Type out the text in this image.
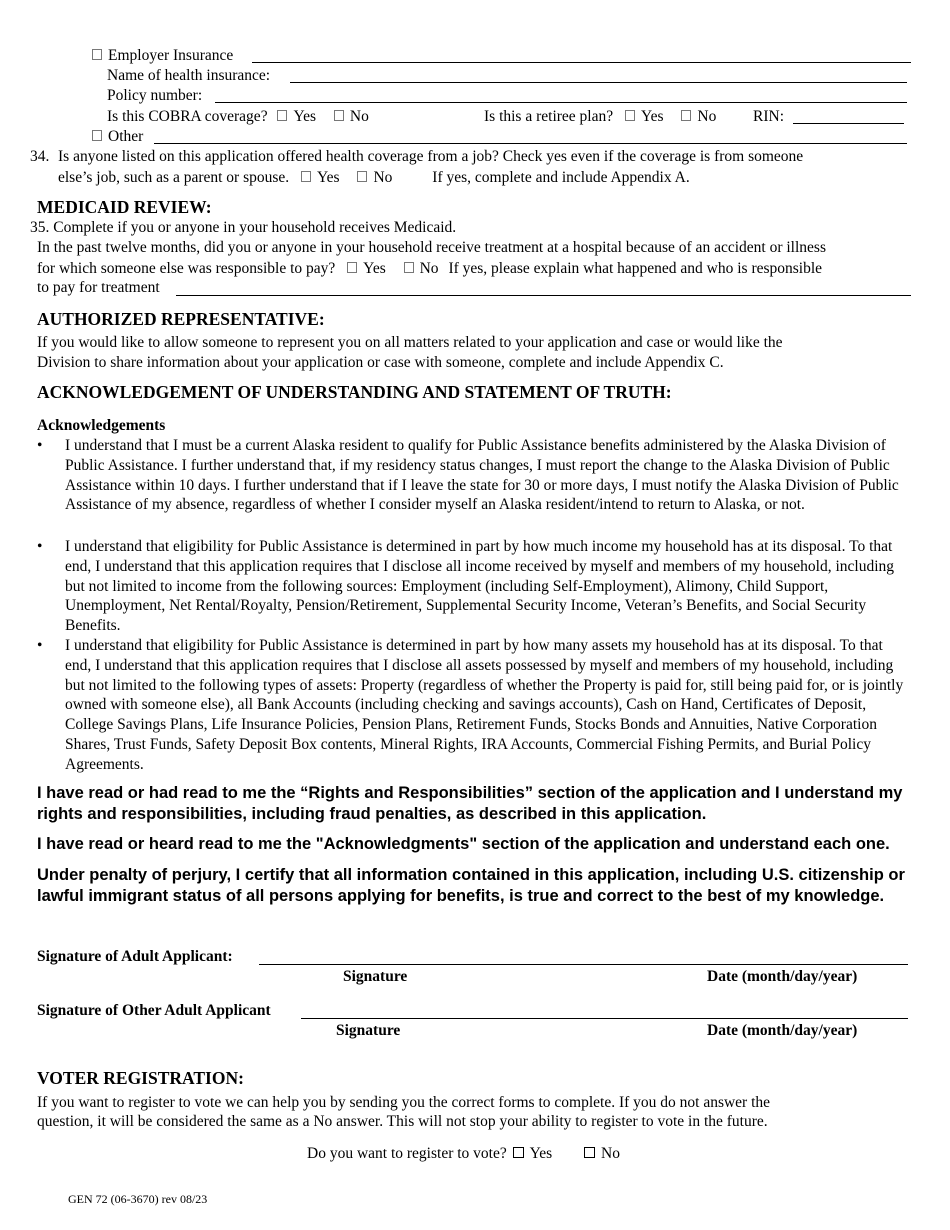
Employer Insurance
Name of health insurance:
Policy number:
Is this COBRA coverage? Yes No	Is this a retiree plan? Yes No RIN:
Other
34. Is anyone listed on this application offered health coverage from a job? Check yes even if the coverage is from someone
else’s job, such as a parent or spouse. Yes No	If yes, complete and include Appendix A.
MEDICAID REVIEW:
35. Complete if you or anyone in your household receives Medicaid.
In the past twelve months, did you or anyone in your household receive treatment at a hospital because of an accident or illness
for which someone else was responsible to pay? Yes No If yes, please explain what happened and who is responsible
to pay for treatment
AUTHORIZED REPRESENTATIVE:
If you would like to allow someone to represent you on all matters related to your application and case or would like the
Division to share information about your application or case with someone, complete and include Appendix C.
ACKNOWLEDGEMENT OF UNDERSTANDING AND STATEMENT OF TRUTH:
Acknowledgements
• I understand that I must be a current Alaska resident to qualify for Public Assistance benefits administered by the Alaska Division of Public Assistance. I further understand that, if my residency status changes, I must report the change to the Alaska Division of Public Assistance within 10 days. I further understand that if I leave the state for 30 or more days, I must notify the Alaska Division of Public Assistance of my absence, regardless of whether I consider myself an Alaska resident/intend to return to Alaska, or not.
• I understand that eligibility for Public Assistance is determined in part by how much income my household has at its disposal. To that end, I understand that this application requires that I disclose all income received by myself and members of my household, including but not limited to income from the following sources: Employment (including Self-Employment), Alimony, Child Support, Unemployment, Net Rental/Royalty, Pension/Retirement, Supplemental Security Income, Veteran’s Benefits, and Social Security Benefits.
• I understand that eligibility for Public Assistance is determined in part by how many assets my household has at its disposal. To that end, I understand that this application requires that I disclose all assets possessed by myself and members of my household, including but not limited to the following types of assets: Property (regardless of whether the Property is paid for, still being paid for, or is jointly owned with someone else), all Bank Accounts (including checking and savings accounts), Cash on Hand, Certificates of Deposit, College Savings Plans, Life Insurance Policies, Pension Plans, Retirement Funds, Stocks Bonds and Annuities, Native Corporation Shares, Trust Funds, Safety Deposit Box contents, Mineral Rights, IRA Accounts, Commercial Fishing Permits, and Burial Policy Agreements.
I have read or had read to me the “Rights and Responsibilities” section of the application and I understand my rights and responsibilities, including fraud penalties, as described in this application.
I have read or heard read to me the "Acknowledgments" section of the application and understand each one.
Under penalty of perjury, I certify that all information contained in this application, including U.S. citizenship or lawful immigrant status of all persons applying for benefits, is true and correct to the best of my knowledge.
Signature of Adult Applicant:
Signature	Date (month/day/year)
Signature of Other Adult Applicant
Signature	Date (month/day/year)
VOTER REGISTRATION:
If you want to register to vote we can help you by sending you the correct forms to complete. If you do not answer the
question, it will be considered the same as a No answer. This will not stop your ability to register to vote in the future.
Do you want to register to vote? Yes	No
GEN 72 (06-3670) rev 08/23
